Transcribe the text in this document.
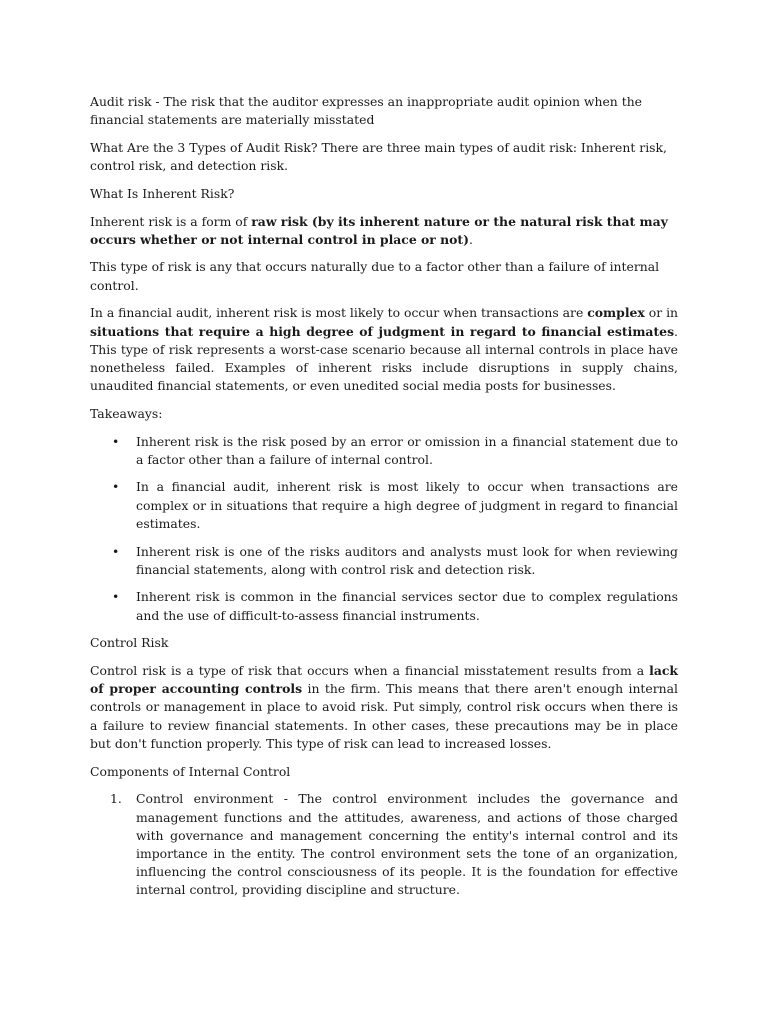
Audit risk - The risk that the auditor expresses an inappropriate audit opinion when the financial statements are materially misstated

What Are the 3 Types of Audit Risk? There are three main types of audit risk: Inherent risk, control risk, and detection risk.

What Is Inherent Risk?

Inherent risk is a form of raw risk (by its inherent nature or the natural risk that may occurs whether or not internal control in place or not).

This type of risk is any that occurs naturally due to a factor other than a failure of internal control.

In a financial audit, inherent risk is most likely to occur when transactions are complex or in situations that require a high degree of judgment in regard to financial estimates. This type of risk represents a worst-case scenario because all internal controls in place have nonetheless failed. Examples of inherent risks include disruptions in supply chains, unaudited financial statements, or even unedited social media posts for businesses.

Takeaways:

• Inherent risk is the risk posed by an error or omission in a financial statement due to a factor other than a failure of internal control.
• In a financial audit, inherent risk is most likely to occur when transactions are complex or in situations that require a high degree of judgment in regard to financial estimates.
• Inherent risk is one of the risks auditors and analysts must look for when reviewing financial statements, along with control risk and detection risk.
• Inherent risk is common in the financial services sector due to complex regulations and the use of difficult-to-assess financial instruments.

Control Risk

Control risk is a type of risk that occurs when a financial misstatement results from a lack of proper accounting controls in the firm. This means that there aren't enough internal controls or management in place to avoid risk. Put simply, control risk occurs when there is a failure to review financial statements. In other cases, these precautions may be in place but don't function properly. This type of risk can lead to increased losses.

Components of Internal Control

1. Control environment - The control environment includes the governance and management functions and the attitudes, awareness, and actions of those charged with governance and management concerning the entity's internal control and its importance in the entity. The control environment sets the tone of an organization, influencing the control consciousness of its people. It is the foundation for effective internal control, providing discipline and structure.
